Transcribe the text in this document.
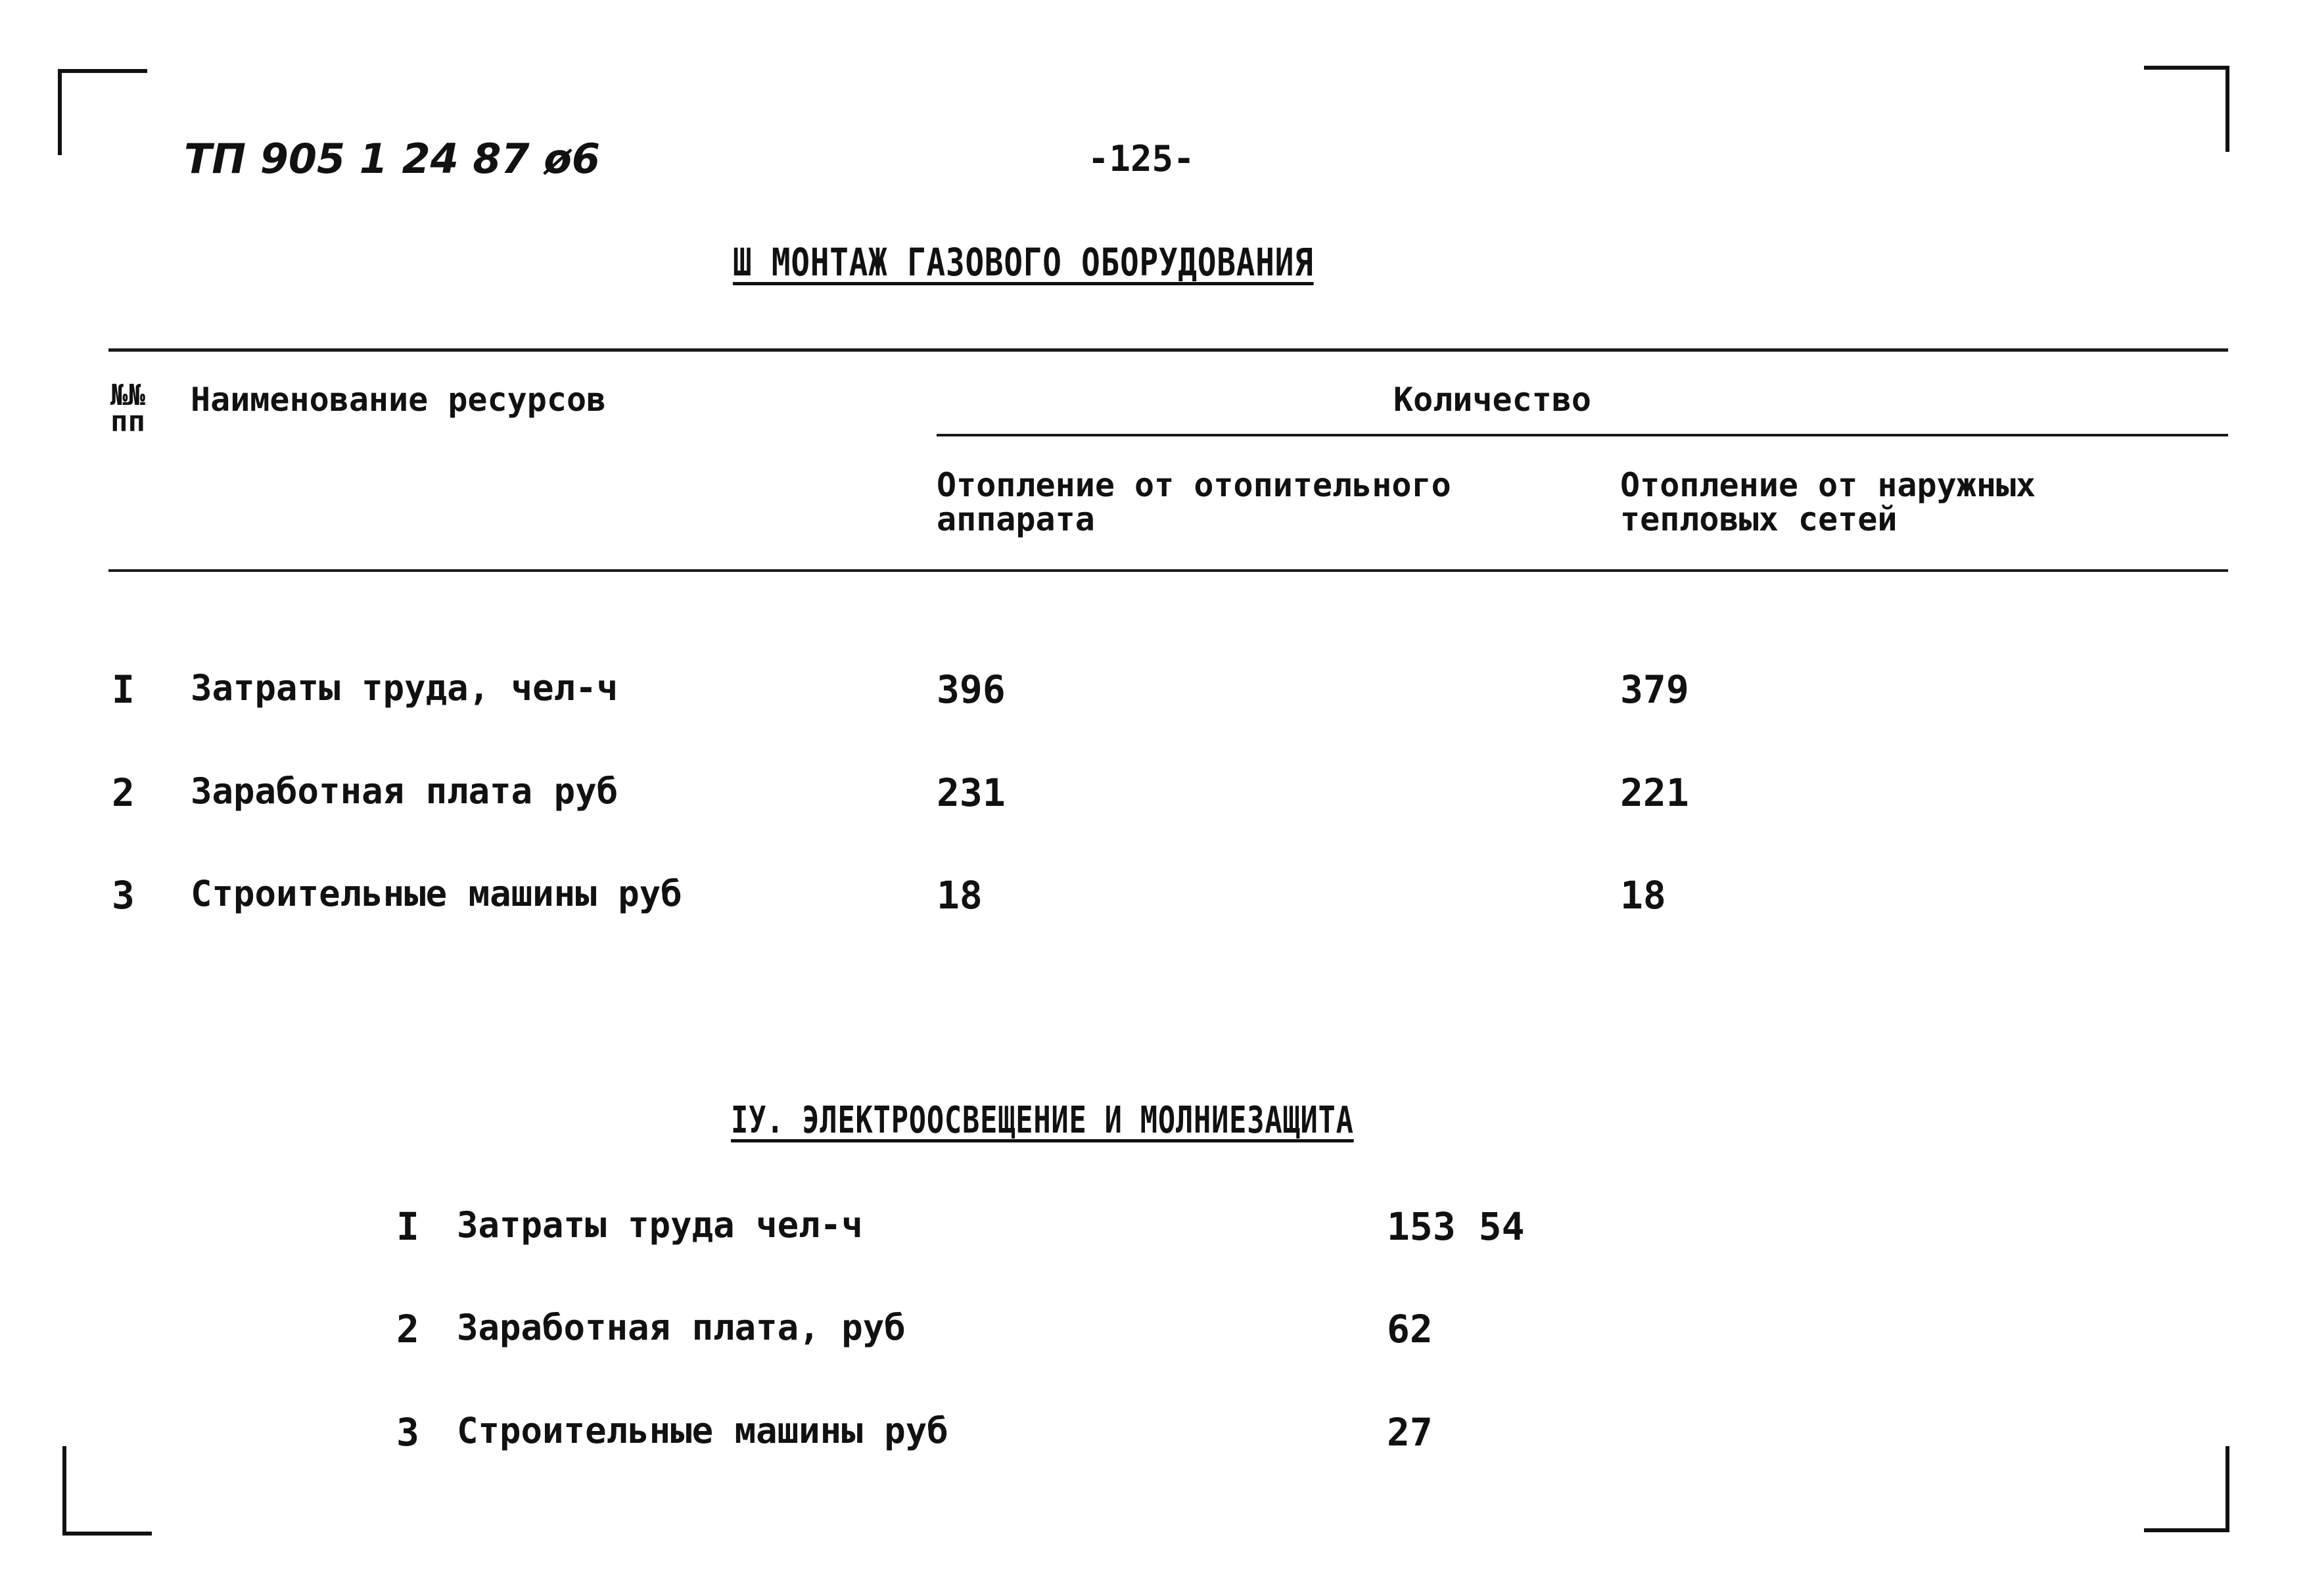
ТП 905 1 24 87 ø6	-125-
Ш МОНТАЖ ГАЗОВОГО ОБОРУДОВАНИЯ
№№
пп
Наименование ресурсов	Количество
Отопление от отопительного
аппарата
Отопление от наружных
тепловых сетей
I Затраты труда, чел-ч	396	379
2 Заработная плата руб	231	221
3 Строительные машины руб	18	18
IУ. ЭЛЕКТРООСВЕЩЕНИЕ И МОЛНИЕЗАЩИТА
I Затраты труда чел-ч	153 54
2 Заработная плата, руб	62
3 Строительные машины руб	27
